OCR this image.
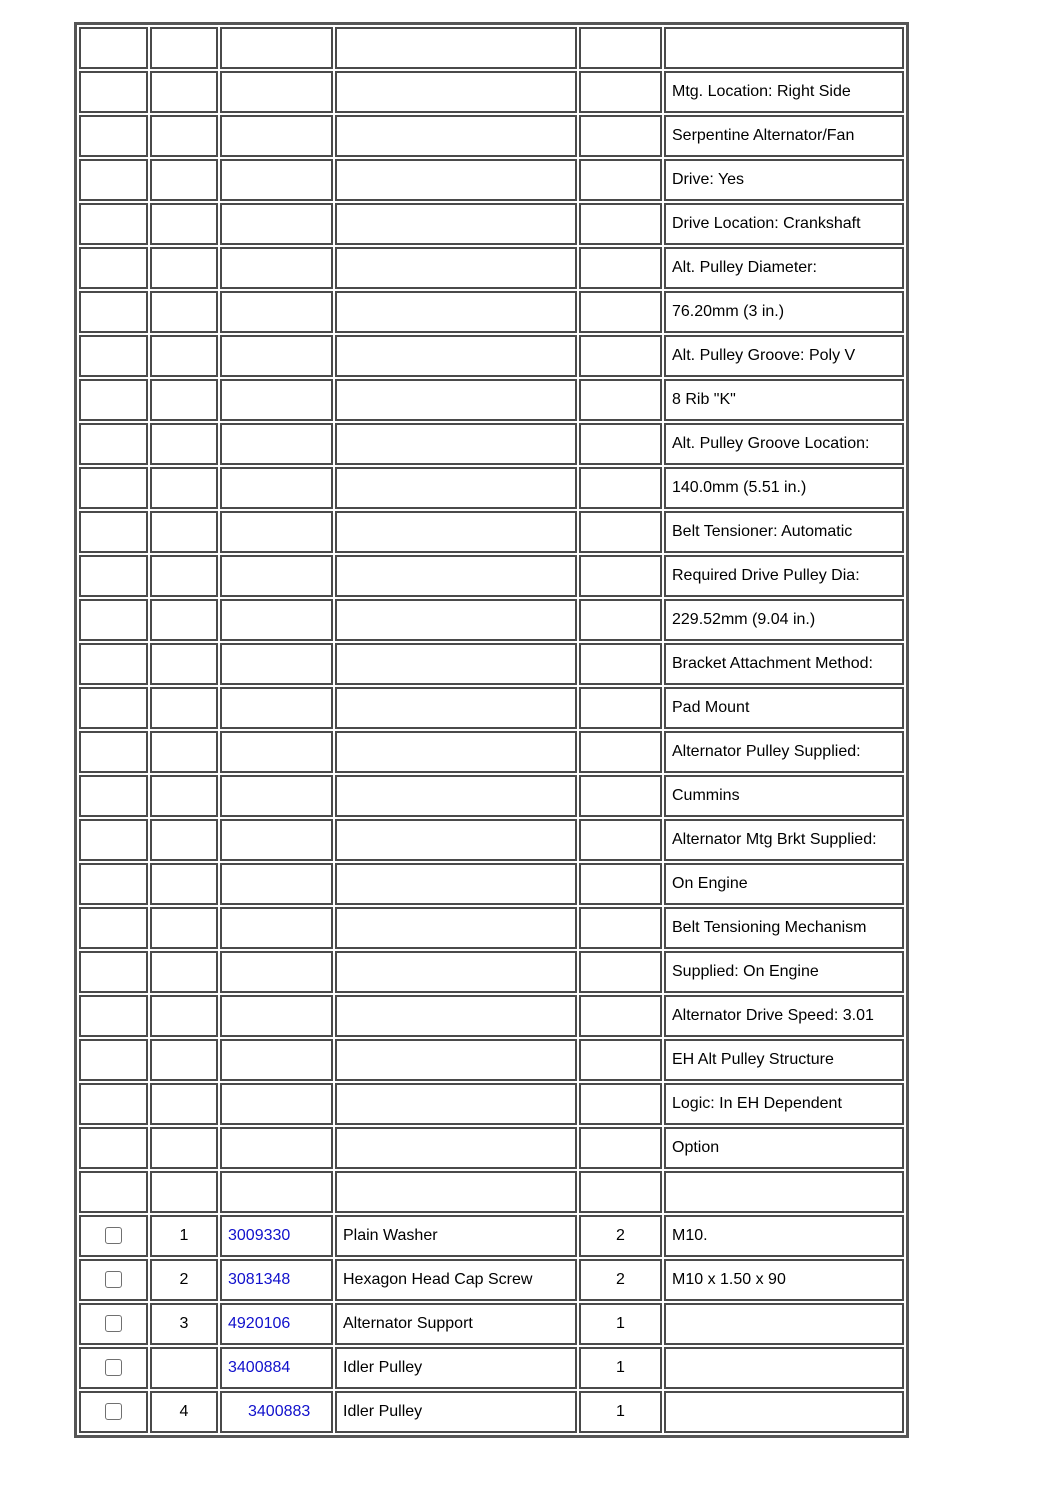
					Mtg. Location: Right Side
					Serpentine Alternator/Fan
					Drive: Yes
					Drive Location: Crankshaft
					Alt. Pulley Diameter:
					76.20mm (3 in.)
					Alt. Pulley Groove: Poly V
					8 Rib "K"
					Alt. Pulley Groove Location:
					140.0mm (5.51 in.)
					Belt Tensioner: Automatic
					Required Drive Pulley Dia:
					229.52mm (9.04 in.)
					Bracket Attachment Method:
					Pad Mount
					Alternator Pulley Supplied:
					Cummins
					Alternator Mtg Brkt Supplied:
					On Engine
					Belt Tensioning Mechanism
					Supplied: On Engine
					Alternator Drive Speed: 3.01
					EH Alt Pulley Structure
					Logic: In EH Dependent
					Option

	1	3009330	Plain Washer	2	M10.
	2	3081348	Hexagon Head Cap Screw	2	M10 x 1.50 x 90
	3	4920106	Alternator Support	1	
		3400884	Idler Pulley	1	
	4	3400883	Idler Pulley	1	
